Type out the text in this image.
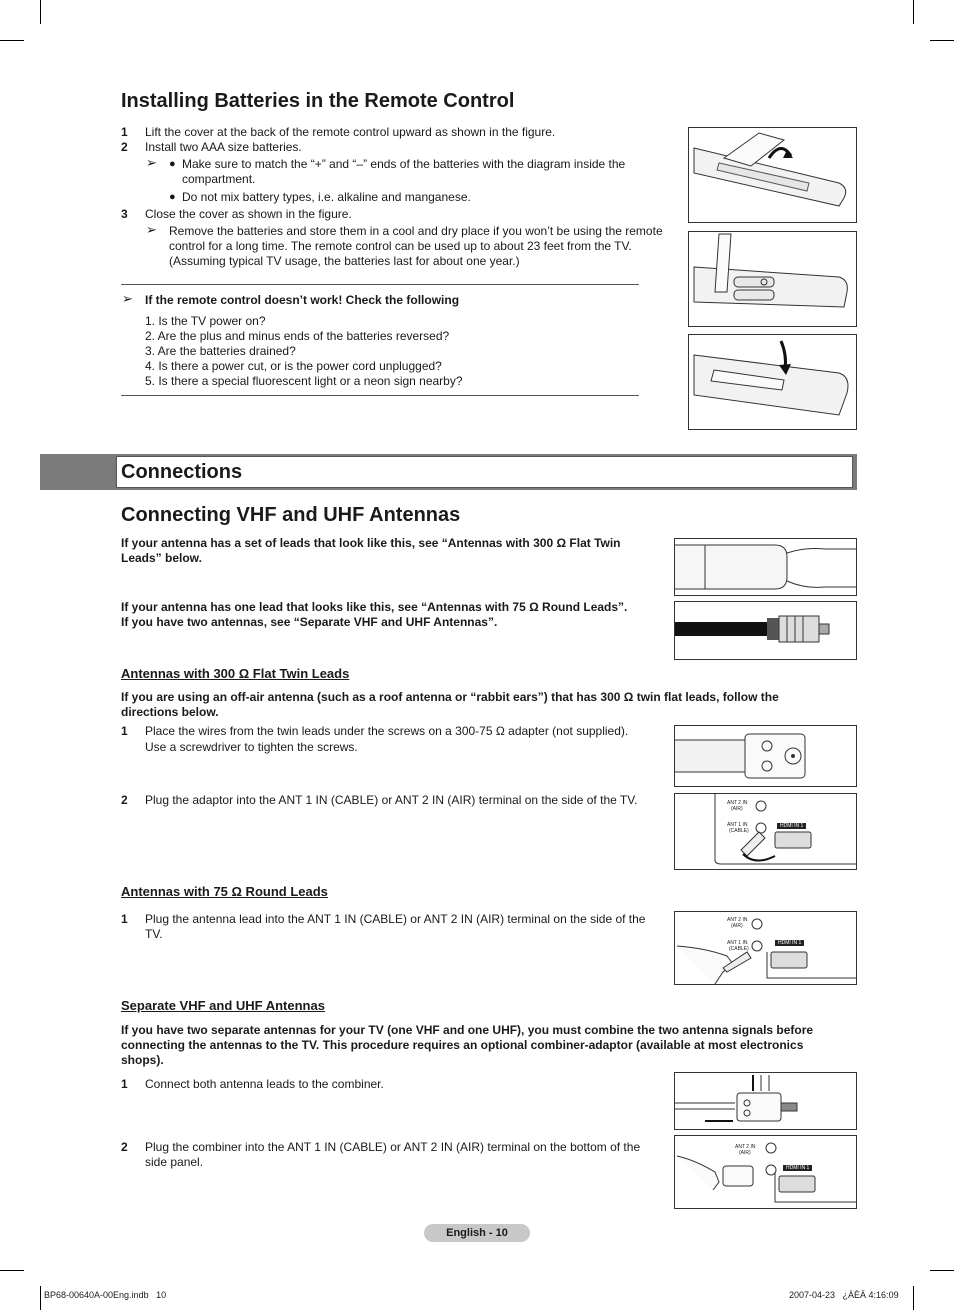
Installing Batteries in the Remote Control
1 Lift the cover at the back of the remote control upward as shown in the figure.

2 Install two AAA size batteries.

➢ ● Make sure to match the “+” and “–” ends of the batteries with the diagram inside the compartment.

● Do not mix battery types, i.e. alkaline and manganese.

3 Close the cover as shown in the figure.

➢ Remove the batteries and store them in a cool and dry place if you won’t be using the remote control for a long time. The remote control can be used up to about 23 feet from the TV. (Assuming typical TV usage, the batteries last for about one year.)

➢ If the remote control doesn’t work! Check the following

1. Is the TV power on?

2. Are the plus and minus ends of the batteries reversed?

3. Are the batteries drained?

4. Is there a power cut, or is the power cord unplugged?

5. Is there a special fluorescent light or a neon sign nearby?

Connections
Connecting VHF and UHF Antennas

If your antenna has a set of leads that look like this, see “Antennas with 300 Ω Flat Twin Leads” below.

If your antenna has one lead that looks like this, see “Antennas with 75 Ω Round Leads”.

If you have two antennas, see “Separate VHF and UHF Antennas”.

Antennas with 300 Ω Flat Twin Leads

If you are using an off-air antenna (such as a roof antenna or “rabbit ears”) that has 300 Ω twin flat leads, follow the directions below.

1 Place the wires from the twin leads under the screws on a 300-75 Ω adapter (not supplied).

Use a screwdriver to tighten the screws.

2 Plug the adaptor into the ANT 1 IN (CABLE) or ANT 2 IN (AIR) terminal on the side of the TV.	ANT 2 IN
(AIR)
ANT 1 IN
(CABLE)
HDMI IN 1

Antennas with 75 Ω Round Leads

1 Plug the antenna lead into the ANT 1 IN (CABLE) or ANT 2 IN (AIR) terminal on the side of the TV.

ANT 2 IN
(AIR)
ANT 1 IN
(CABLE)
HDMI IN 1

Separate VHF and UHF Antennas

If you have two separate antennas for your TV (one VHF and one UHF), you must combine the two antenna signals before connecting the antennas to the TV. This procedure requires an optional combiner-adaptor (available at most electronics shops).

1 Connect both antenna leads to the combiner.

2 Plug the combiner into the ANT 1 IN (CABLE) or ANT 2 IN (AIR) terminal on the bottom of the side panel.

ANT 2 IN
(AIR)
HDMI IN 1
English - 10
BP68-00640A-00Eng.indb   10	2007-04-23   ¿ÀÈÄ 4:16:09
